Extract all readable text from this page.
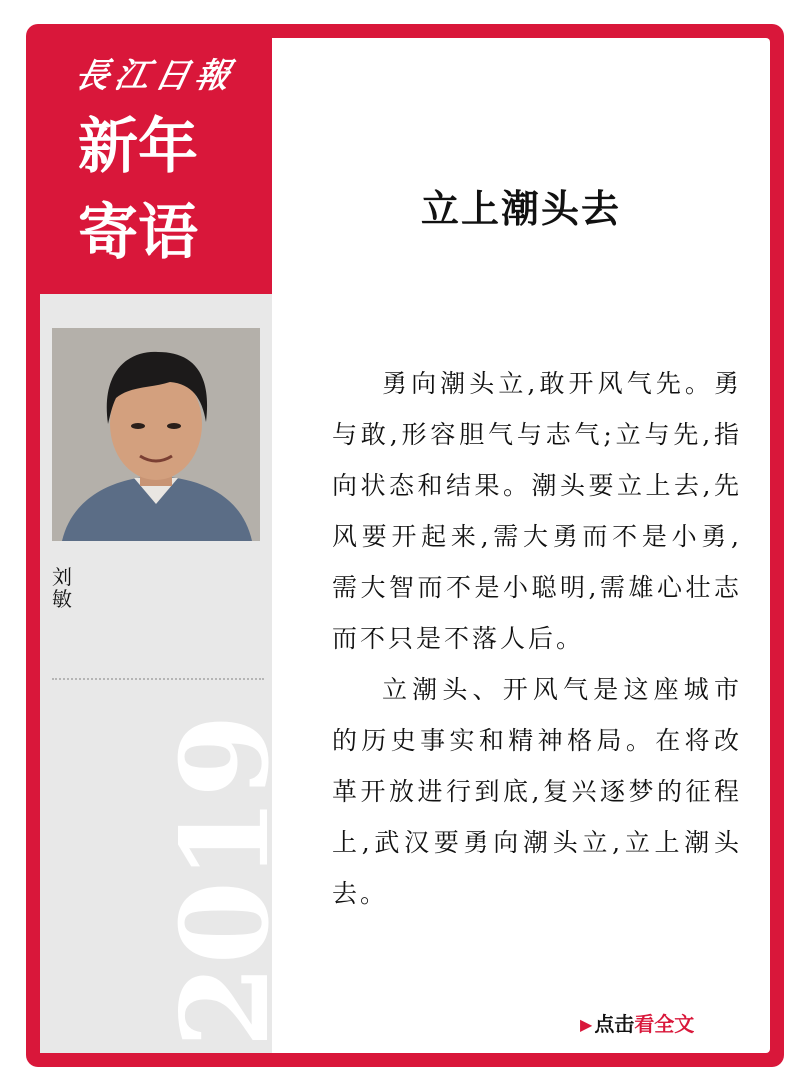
長江日報
新年寄语
刘敏
2019
立上潮头去

勇向潮头立,敢开风气先。勇与敢,形容胆气与志气;立与先,指向状态和结果。潮头要立上去,先风要开起来,需大勇而不是小勇,需大智而不是小聪明,需雄心壮志而不只是不落人后。

立潮头、开风气是这座城市的历史事实和精神格局。在将改革开放进行到底,复兴逐梦的征程上,武汉要勇向潮头立,立上潮头去。

▶ 点击看全文
